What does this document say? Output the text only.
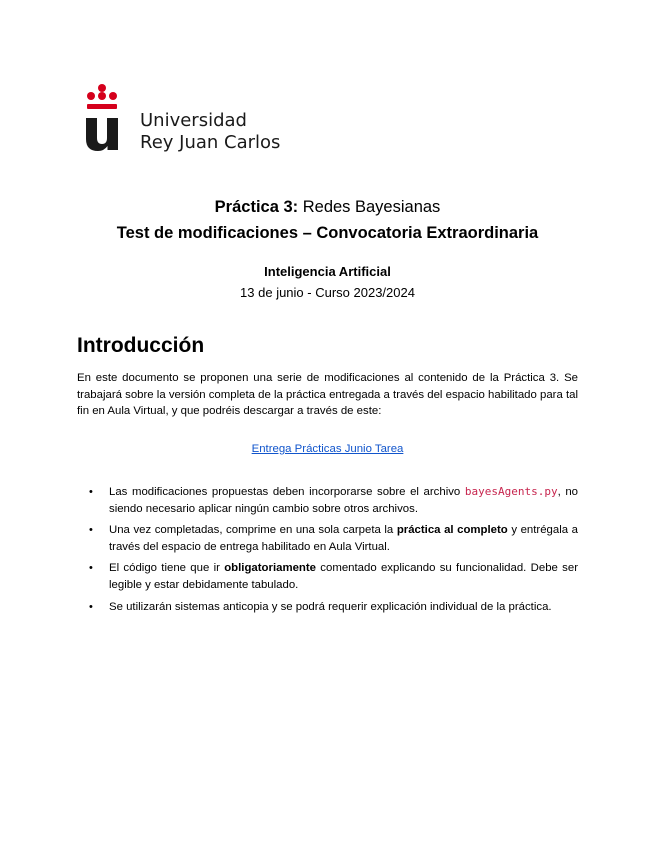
Universidad
Rey Juan Carlos
Práctica 3: Redes Bayesianas
Test de modificaciones – Convocatoria Extraordinaria
Inteligencia Artificial
13 de junio - Curso 2023/2024
Introducción
En este documento se proponen una serie de modificaciones al contenido de la Práctica 3. Se trabajará sobre la versión completa de la práctica entregada a través del espacio habilitado para tal fin en Aula Virtual, y que podréis descargar a través de este:
Entrega Prácticas Junio Tarea
• Las modificaciones propuestas deben incorporarse sobre el archivo bayesAgents.py, no siendo necesario aplicar ningún cambio sobre otros archivos.
• Una vez completadas, comprime en una sola carpeta la práctica al completo y entrégala a través del espacio de entrega habilitado en Aula Virtual.
• El código tiene que ir obligatoriamente comentado explicando su funcionalidad. Debe ser legible y estar debidamente tabulado.
• Se utilizarán sistemas anticopia y se podrá requerir explicación individual de la práctica.
